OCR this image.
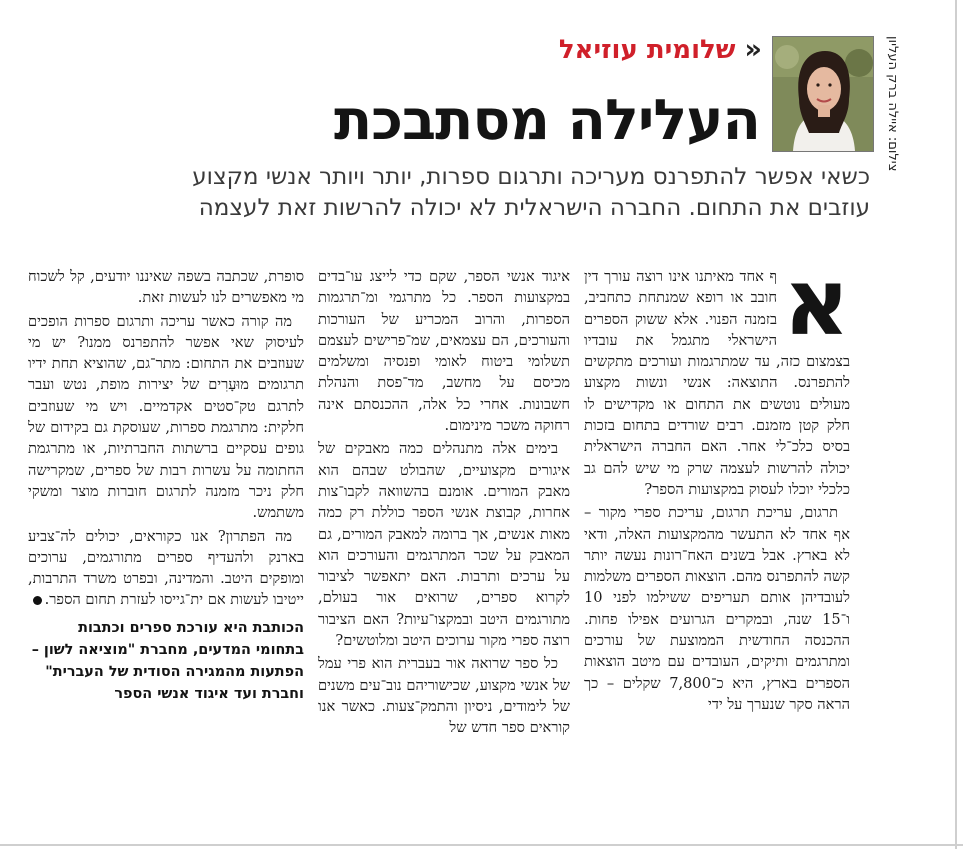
צילום: איילה ברק העליון
« שלומית עוזיאל
העלילה מסתבכת
כשאי אפשר להתפרנס מעריכה ותרגום ספרות, יותר ויותר אנשי מקצוע
עוזבים את התחום. החברה הישראלית לא יכולה להרשות זאת לעצמה

א
ף אחד מאיתנו אינו רוצה עורך דין חובב או רופא שמנתחת כתחביב, בזמנה הפנוי. אלא ששוק הספרים הישראלי מתגמל את עובדיו בצמצום כזה, עד שמתרגמות ועורכים מתקשים להתפרנס. התוצאה: אנשי ונשות מקצוע מעולים נוטשים את התחום או מקדישים לו חלק קטן מזמנם. רבים שורדים בתחום בזכות בסיס כלכ־לי אחר. האם החברה הישראלית יכולה להרשות לעצמה שרק מי שיש להם גב כלכלי יוכלו לעסוק במקצועות הספר?

תרגום, עריכת תרגום, עריכת ספרי מקור – אף אחד לא התעשר מהמקצועות האלה, ודאי לא בארץ. אבל בשנים האח־רונות נעשה יותר קשה להתפרנס מהם. הוצאות הספרים משלמות לעובדיהן אותם תעריפים ששילמו לפני 10 ו־15 שנה, ובמקרים הגרועים אפילו פחות. ההכנסה החודשית הממוצעת של עורכים ומתרגמים ותיקים, העובדים עם מיטב הוצאות הספרים בארץ, היא כ־7,800 שקלים – כך הראה סקר שנערך על ידי

איגוד אנשי הספר, שקם כדי לייצג עו־בדים במקצועות הספר. כל מתרגמי ומ־תרגמות הספרות, והרוב המכריע של העורכות והעורכים, הם עצמאים, שמ־פרישים לעצמם תשלומי ביטוח לאומי ופנסיה ומשלמים מכיסם על מחשב, מד־פסת והנהלת חשבונות. אחרי כל אלה, ההכנסתם אינה רחוקה משכר מינימום.

בימים אלה מתנהלים כמה מאבקים של איגורים מקצועיים, שהבולט שבהם הוא מאבק המורים. אומנם בהשוואה לקבו־צות אחרות, קבוצת אנשי הספר כוללת רק כמה מאות אנשים, אך ברומה למאבק המורים, גם המאבק על שכר המתרגמים והעורכים הוא על ערכים ותרבות. האם יתאפשר לציבור לקרוא ספרים, שרואים אור בעולם, מתורגמים היטב ובמקצו־עיות? האם הציבור רוצה ספרי מקור ערוכים היטב ומלוטשים?

כל ספר שרואה אור בעברית הוא פרי עמל של אנשי מקצוע, שכישוריהם נוב־עים משנים של לימודים, ניסיון והתמק־צעות. כאשר אנו קוראים ספר חדש של

סופרת, שכתבה בשפה שאיננו יודעים, קל לשכוח מי מאפשרים לנו לעשות זאת.

מה קורה כאשר עריכה ותרגום ספרות הופכים לעיסוק שאי אפשר להתפרנס ממנו? יש מי שעוזבים את התחום: מתר־גם, שהוציא תחת ידיו תרגומים מוּעָרִים של יצירות מופת, נטש ועבר לתרגם טק־סטים אקדמיים. ויש מי שעוזבים חלקית: מתרגמת ספרות, שעוסקת גם בקידום של גופים עסקיים ברשתות החברתיות, או מתרגמת החתומה על עשרות רבות של ספרים, שמקרישה חלק ניכר מזמנה לתרגום חוברות מוצר ומשקי משתמש.

מה הפתרון? אנו כקוראים, יכולים לה־צביע בארנק ולהעדיף ספרים מתורגמים, ערוכים ומופקים היטב. והמדינה, ובפרט משרד התרבות, ייטיבו לעשות אם ית־גייסו לעזרת תחום הספר.

הכותבת היא עורכת ספרים וכתבות בתחומי המדעים, מחברת "מוציאה לשון – הפתעות מהמגירה הסודית של העברית" וחברת ועד איגוד אנשי הספר
